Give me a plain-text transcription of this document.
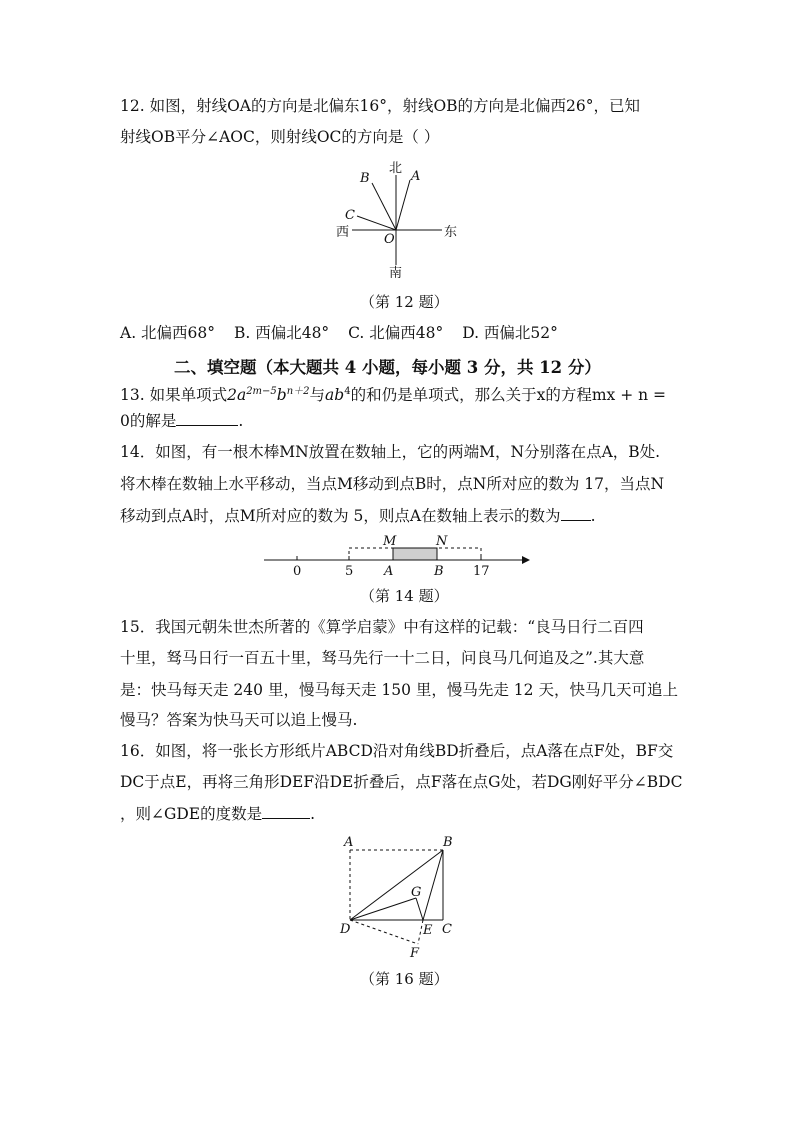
12. 如图，射线OA的方向是北偏东16°，射线OB的方向是北偏西26°，已知
射线OB平分∠AOC，则射线OC的方向是（ ）
北
南
东
西
A
B
C
O
（第 12 题）
A. 北偏西68° B. 西偏北48° C. 北偏西48° D. 西偏北52°
二、填空题（本大题共 4 小题，每小题 3 分，共 12 分）
13. 如果单项式$2a^{2m-5}b^{n+2}$与$ab^4$的和仍是单项式，那么关于x的方程mx + n =
0的解是	.
14．如图，有一根木棒MN放置在数轴上，它的两端M，N分别落在点A，B处.
将木棒在数轴上水平移动，当点M移动到点B时，点N所对应的数为 17，当点N
移动到点A时，点M所对应的数为 5，则点A在数轴上表示的数为 .
M	N
0	5 A	B 17
（第 14 题）
15．我国元朝朱世杰所著的《算学启蒙》中有这样的记载：“良马日行二百四
十里，驽马日行一百五十里，驽马先行一十二日，问良马几何追及之”.其大意
是：快马每天走 240 里，慢马每天走 150 里，慢马先走 12 天，快马几天可追上
慢马？答案为快马天可以追上慢马.
16．如图，将一张长方形纸片ABCD沿对角线BD折叠后，点A落在点F处，BF交
DC于点E，再将三角形DEF沿DE折叠后，点F落在点G处，若DG刚好平分∠BDC
，则∠GDE的度数是	.
A	B
C
D	E
F
G
（第 16 题）
